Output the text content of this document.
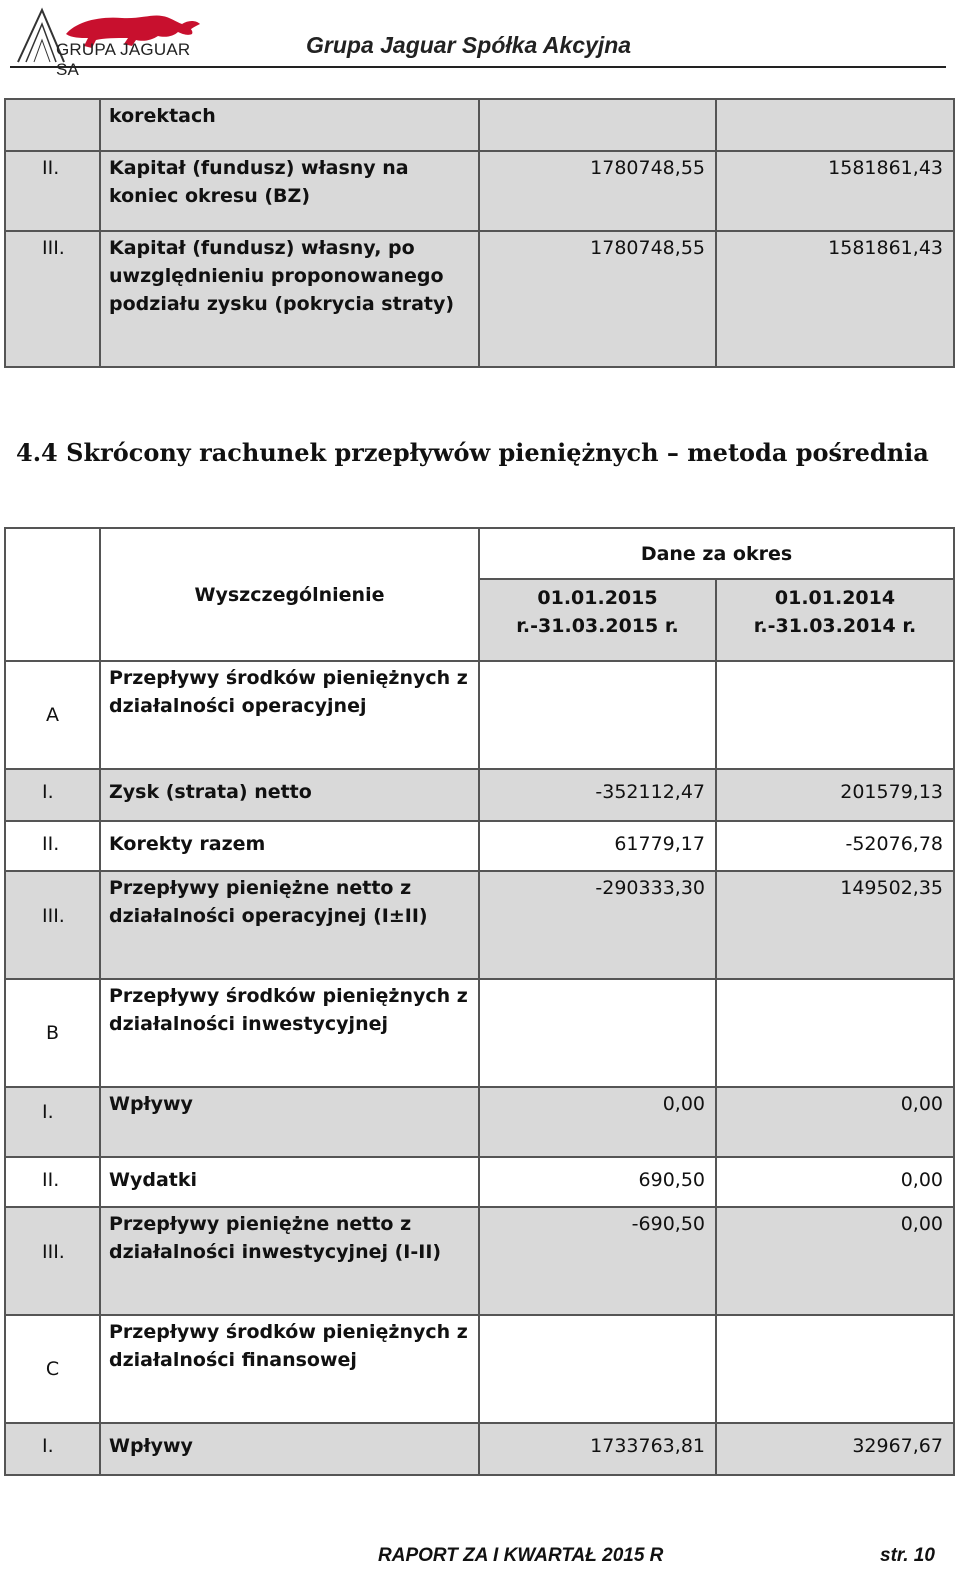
GRUPA JAGUAR SA
Grupa Jaguar Spółka Akcyjna
	korektach		
II.	Kapitał (fundusz) własny na koniec okresu (BZ)	1780748,55	1581861,43
III.	Kapitał (fundusz) własny, po uwzględnieniu proponowanego podziału zysku (pokrycia straty)	1780748,55	1581861,43
4.4 Skrócony rachunek przepływów pieniężnych – metoda pośrednia
	Wyszczególnienie	Dane za okres	
		01.01.2015 r.-31.03.2015 r.	01.01.2014 r.-31.03.2014 r.
A	Przepływy środków pieniężnych z działalności operacyjnej		
I.	Zysk (strata) netto	-352112,47	201579,13
II.	Korekty razem	61779,17	-52076,78
III.	Przepływy pieniężne netto z działalności operacyjnej (I±II)	-290333,30	149502,35
B	Przepływy środków pieniężnych z działalności inwestycyjnej		
I.	Wpływy	0,00	0,00
II.	Wydatki	690,50	0,00
III.	Przepływy pieniężne netto z działalności inwestycyjnej (I-II)	-690,50	0,00
C	Przepływy środków pieniężnych z działalności finansowej		
I.	Wpływy	1733763,81	32967,67
RAPORT ZA I KWARTAŁ 2015 R	str. 10
